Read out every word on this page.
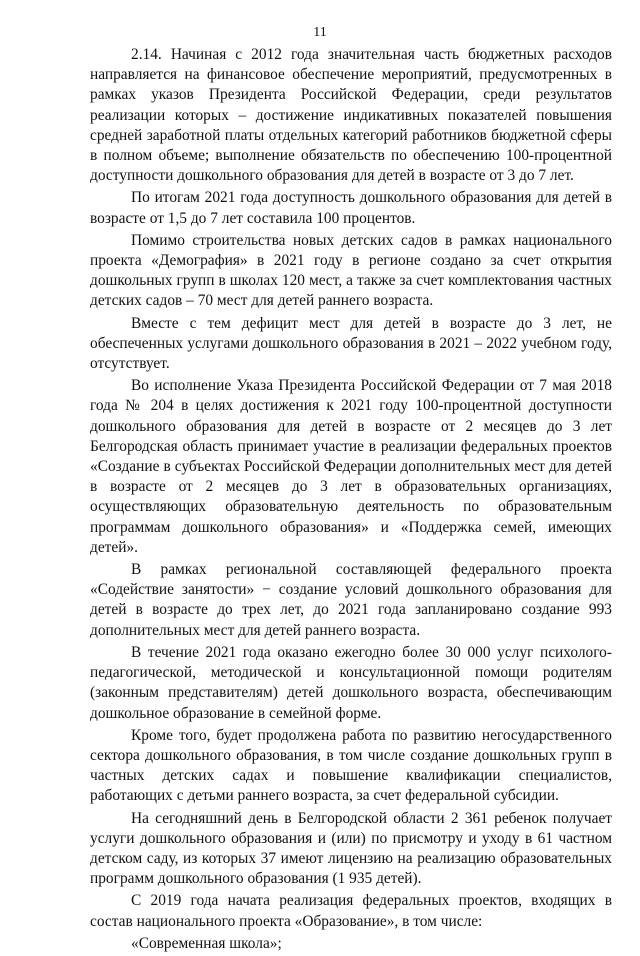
11

2.14. Начиная с 2012 года значительная часть бюджетных расходов направляется на финансовое обеспечение мероприятий, предусмотренных в рамках указов Президента Российской Федерации, среди результатов реализации которых – достижение индикативных показателей повышения средней заработной платы отдельных категорий работников бюджетной сферы в полном объеме; выполнение обязательств по обеспечению 100-процентной доступности дошкольного образования для детей в возрасте от 3 до 7 лет.

По итогам 2021 года доступность дошкольного образования для детей в возрасте от 1,5 до 7 лет составила 100 процентов.

Помимо строительства новых детских садов в рамках национального проекта «Демография» в 2021 году в регионе создано за счет открытия дошкольных групп в школах 120 мест, а также за счет комплектования частных детских садов – 70 мест для детей раннего возраста.

Вместе с тем дефицит мест для детей в возрасте до 3 лет, не обеспеченных услугами дошкольного образования в 2021 – 2022 учебном году, отсутствует.

Во исполнение Указа Президента Российской Федерации от 7 мая 2018 года № 204 в целях достижения к 2021 году 100-процентной доступности дошкольного образования для детей в возрасте от 2 месяцев до 3 лет Белгородская область принимает участие в реализации федеральных проектов «Создание в субъектах Российской Федерации дополнительных мест для детей в возрасте от 2 месяцев до 3 лет в образовательных организациях, осуществляющих образовательную деятельность по образовательным программам дошкольного образования» и «Поддержка семей, имеющих детей».

В рамках региональной составляющей федерального проекта «Содействие занятости» − создание условий дошкольного образования для детей в возрасте до трех лет, до 2021 года запланировано создание 993 дополнительных мест для детей раннего возраста.

В течение 2021 года оказано ежегодно более 30 000 услуг психолого-педагогической, методической и консультационной помощи родителям (законным представителям) детей дошкольного возраста, обеспечивающим дошкольное образование в семейной форме.

Кроме того, будет продолжена работа по развитию негосударственного сектора дошкольного образования, в том числе создание дошкольных групп в частных детских садах и повышение квалификации специалистов, работающих с детьми раннего возраста, за счет федеральной субсидии.

На сегодняшний день в Белгородской области 2 361 ребенок получает услуги дошкольного образования и (или) по присмотру и уходу в 61 частном детском саду, из которых 37 имеют лицензию на реализацию образовательных программ дошкольного образования (1 935 детей).

С 2019 года начата реализация федеральных проектов, входящих в состав национального проекта «Образование», в том числе:

«Современная школа»;
